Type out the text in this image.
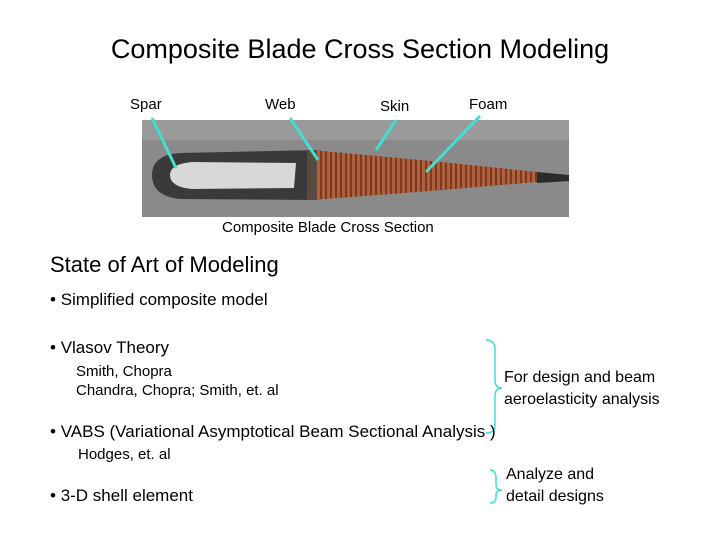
Composite Blade Cross Section Modeling
Spar	Web	Skin	Foam
Composite Blade Cross Section
State of Art of Modeling
• Simplified composite model
• Vlasov Theory
Smith, Chopra
Chandra, Chopra; Smith, et. al
• VABS (Variational Asymptotical Beam Sectional Analysis )
Hodges, et. al
• 3-D shell element
For design and beam
aeroelasticity analysis
Analyze and
detail designs
